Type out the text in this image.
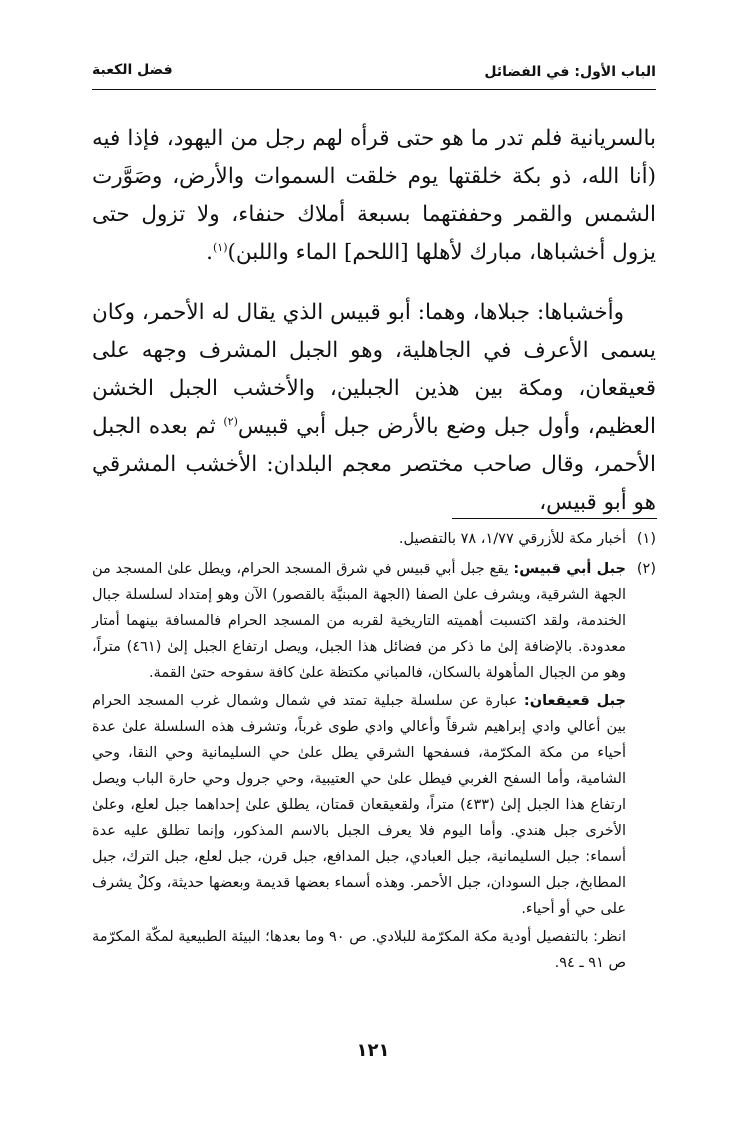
الباب الأول: في الفضائل
فضل الكعبة

بالسريانية فلم تدر ما هو حتى قرأه لهم رجل من اليهود، فإذا فيه (أنا الله، ذو بكة خلقتها يوم خلقت السموات والأرض، وصَوَّرت الشمس والقمر وحففتهما بسبعة أملاك حنفاء، ولا تزول حتى يزول أخشباها، مبارك لأهلها [اللحم] الماء واللبن)$^{(١)}$.

وأخشباها: جبلاها، وهما: أبو قبيس الذي يقال له الأحمر، وكان يسمى الأعرف في الجاهلية، وهو الجبل المشرف وجهه على قعيقعان، ومكة بين هذين الجبلين، والأخشب الجبل الخشن العظيم، وأول جبل وضع بالأرض جبل أبي قبيس$^{(٢)}$ ثم بعده الجبل الأحمر، وقال صاحب مختصر معجم البلدان: الأخشب المشرقي هو أبو قبيس،

(١)

أخبار مكة للأزرقي ١/٧٧، ٧٨ بالتفصيل.

(٢)

جبل أبي قبيس: يقع جبل أبي قبيس في شرق المسجد الحرام، ويطل علىٰ المسجد من الجهة الشرقية، ويشرف علىٰ الصفا (الجهة المبنيَّة بالقصور) الآن وهو إمتداد لسلسلة جبال الخندمة، ولقد اكتسبت أهميته التاريخية لقربه من المسجد الحرام فالمسافة بينهما أمتار معدودة. بالإضافة إلىٰ ما ذكر من فضائل هذا الجبل، ويصل ارتفاع الجبل إلىٰ (٤٦١) متراً، وهو من الجبال المأهولة بالسكان، فالمباني مكتظة علىٰ كافة سفوحه حتىٰ القمة.

جبل قعيقعان: عبارة عن سلسلة جبلية تمتد في شمال وشمال غرب المسجد الحرام بين أعالي وادي إبراهيم شرقاً وأعالي وادي طوى غرباً، وتشرف هذه السلسلة علىٰ عدة أحياء من مكة المكرّمة، فسفحها الشرقي يطل علىٰ حي السليمانية وحي النقا، وحي الشامية، وأما السفح الغربي فيطل علىٰ حي العتيبية، وحي جرول وحي حارة الباب ويصل ارتفاع هذا الجبل إلىٰ (٤٣٣) متراً، ولقعيقعان قمتان، يطلق علىٰ إحداهما جبل لعلع، وعلىٰ الأخرى جبل هندي. وأما اليوم فلا يعرف الجبل بالاسم المذكور، وإنما تطلق عليه عدة أسماء: جبل السليمانية، جبل العبادي، جبل المدافع، جبل قرن، جبل لعلع، جبل الترك، جبل المطابخ، جبل السودان، جبل الأحمر. وهذه أسماء بعضها قديمة وبعضها حديثة، وكلٌ يشرف على حي أو أحياء.

انظر: بالتفصيل أودية مكة المكرّمة للبلادي. ص ٩٠ وما بعدها؛ البيئة الطبيعية لمكّة المكرّمة ص ٩١ ـ ٩٤.

١٢١
